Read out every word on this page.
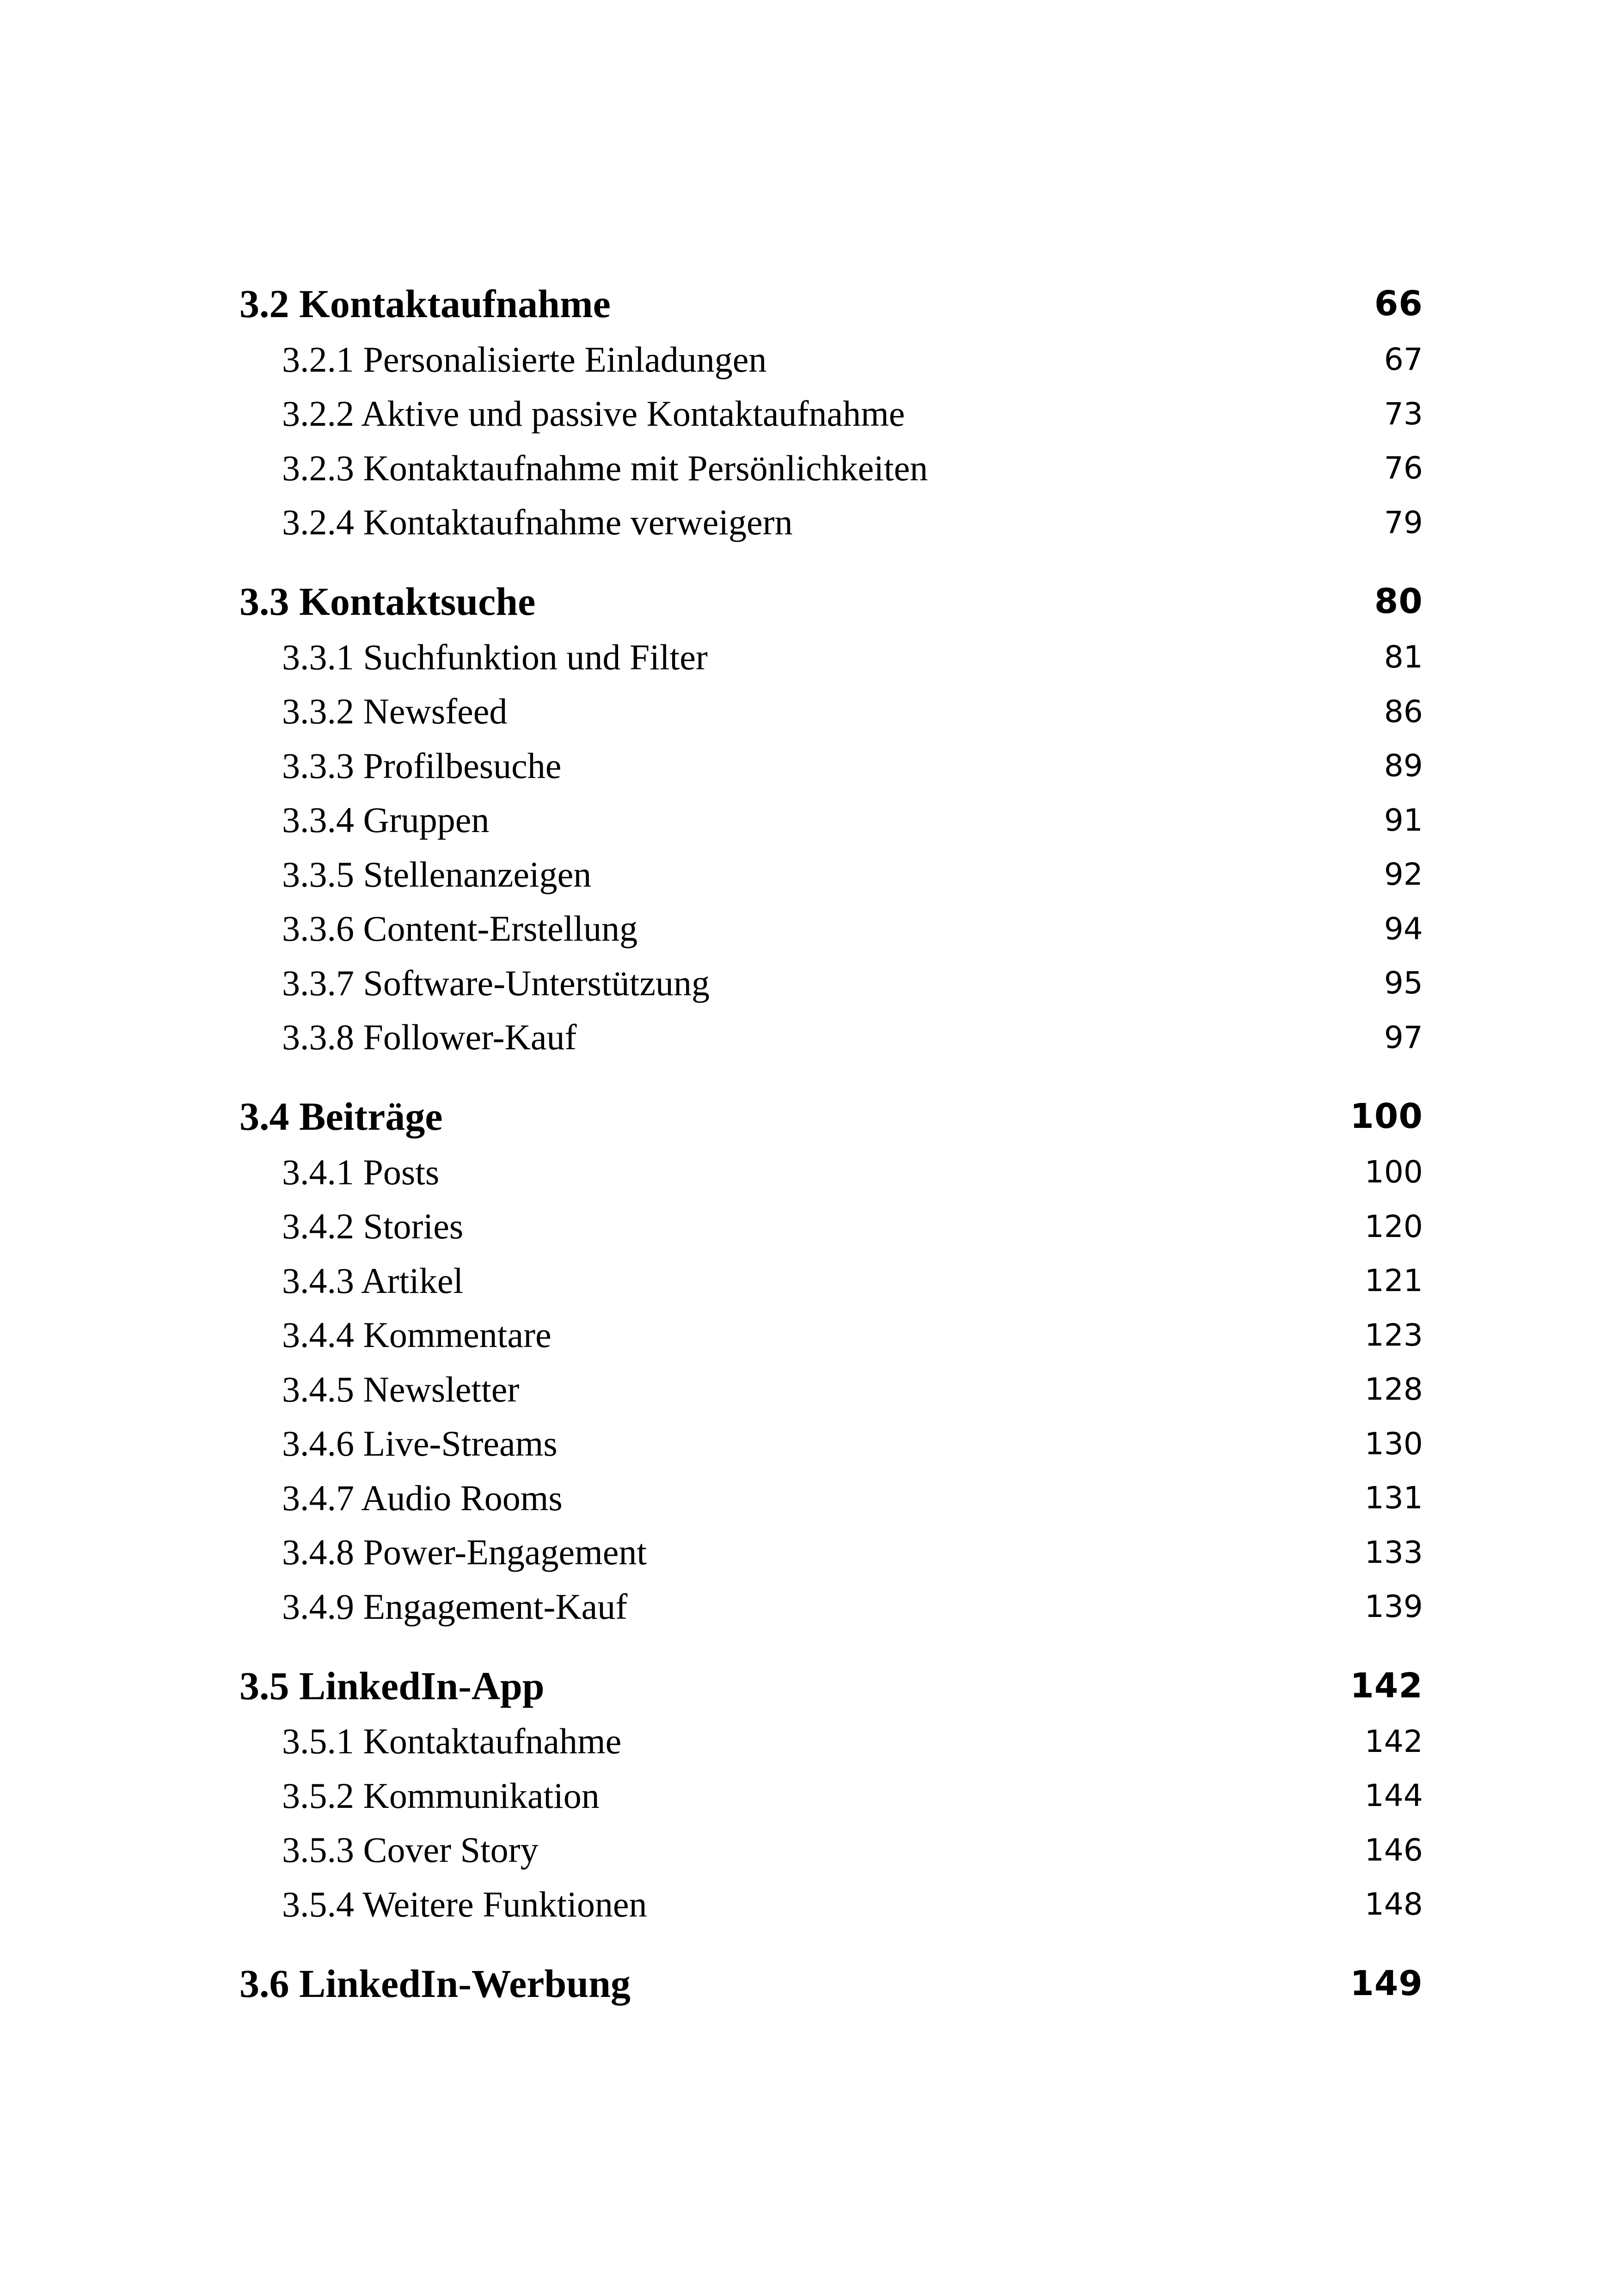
3.2 Kontaktaufnahme	66
3.2.1 Personalisierte Einladungen	67
3.2.2 Aktive und passive Kontaktaufnahme	73
3.2.3 Kontaktaufnahme mit Persönlichkeiten	76
3.2.4 Kontaktaufnahme verweigern	79
3.3 Kontaktsuche	80
3.3.1 Suchfunktion und Filter	81
3.3.2 Newsfeed	86
3.3.3 Profilbesuche	89
3.3.4 Gruppen	91
3.3.5 Stellenanzeigen	92
3.3.6 Content-Erstellung	94
3.3.7 Software-Unterstützung	95
3.3.8 Follower-Kauf	97
3.4 Beiträge	100
3.4.1 Posts	100
3.4.2 Stories	120
3.4.3 Artikel	121
3.4.4 Kommentare	123
3.4.5 Newsletter	128
3.4.6 Live-Streams	130
3.4.7 Audio Rooms	131
3.4.8 Power-Engagement	133
3.4.9 Engagement-Kauf	139
3.5 LinkedIn-App	142
3.5.1 Kontaktaufnahme	142
3.5.2 Kommunikation	144
3.5.3 Cover Story	146
3.5.4 Weitere Funktionen	148
3.6 LinkedIn-Werbung	149
